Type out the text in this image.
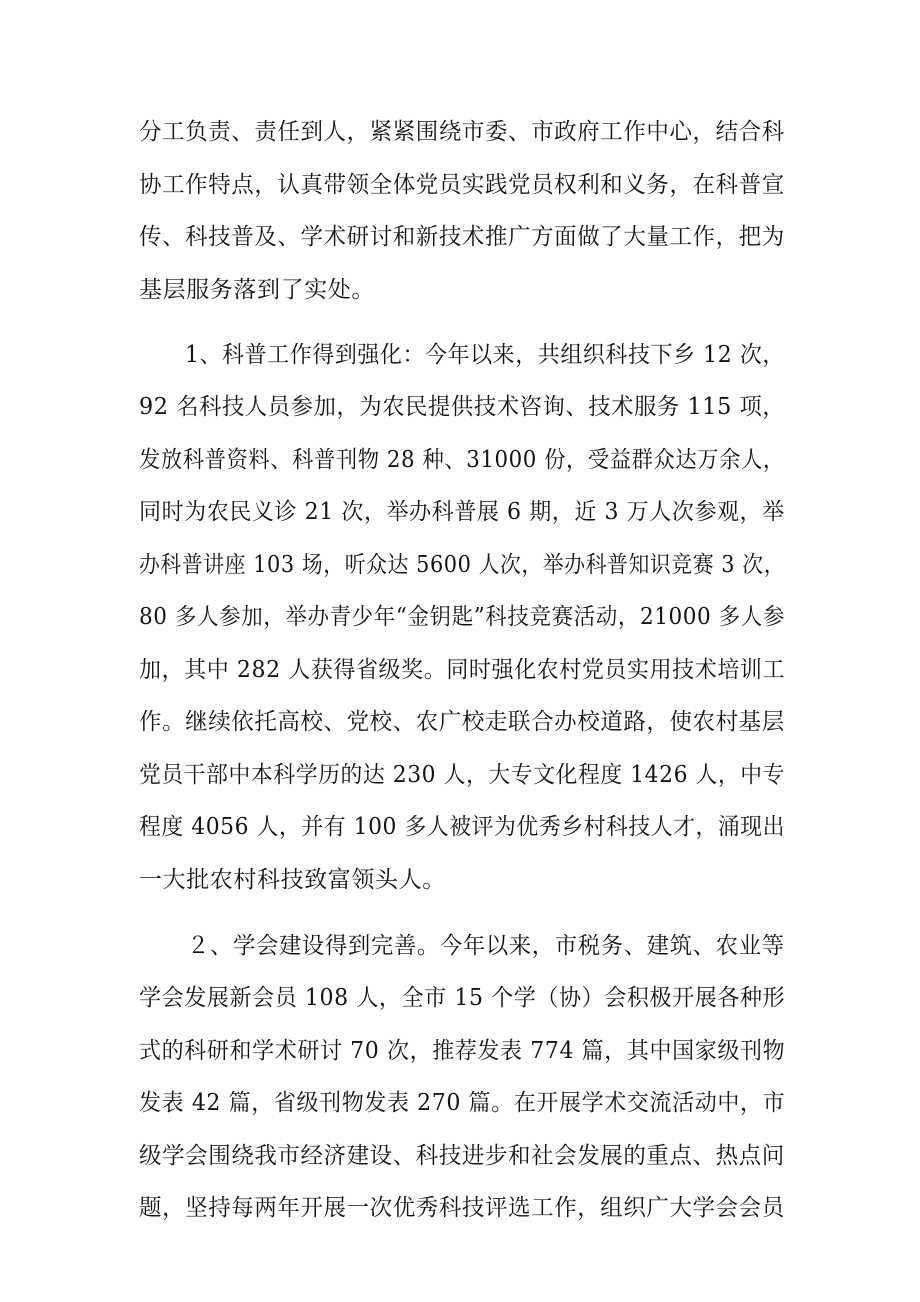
分工负责、责任到人，紧紧围绕市委、市政府工作中心，结合科
协工作特点，认真带领全体党员实践党员权利和义务，在科普宣
传、科技普及、学术研讨和新技术推广方面做了大量工作，把为
基层服务落到了实处。
1、科普工作得到强化：今年以来，共组织科技下乡 12 次，
92 名科技人员参加，为农民提供技术咨询、技术服务 115 项，
发放科普资料、科普刊物 28 种、31000 份，受益群众达万余人，
同时为农民义诊 21 次，举办科普展 6 期，近 3 万人次参观，举
办科普讲座 103 场，听众达 5600 人次，举办科普知识竞赛 3 次，
80 多人参加，举办青少年“金钥匙”科技竞赛活动，21000 多人参
加，其中 282 人获得省级奖。同时强化农村党员实用技术培训工
作。继续依托高校、党校、农广校走联合办校道路，使农村基层
党员干部中本科学历的达 230 人，大专文化程度 1426 人，中专
程度 4056 人，并有 100 多人被评为优秀乡村科技人才，涌现出
一大批农村科技致富领头人。
２、学会建设得到完善。今年以来，市税务、建筑、农业等
学会发展新会员 108 人，全市 15 个学（协）会积极开展各种形
式的科研和学术研讨 70 次，推荐发表 774 篇，其中国家级刊物
发表 42 篇，省级刊物发表 270 篇。在开展学术交流活动中，市
级学会围绕我市经济建设、科技进步和社会发展的重点、热点问
题，坚持每两年开展一次优秀科技评选工作，组织广大学会会员
